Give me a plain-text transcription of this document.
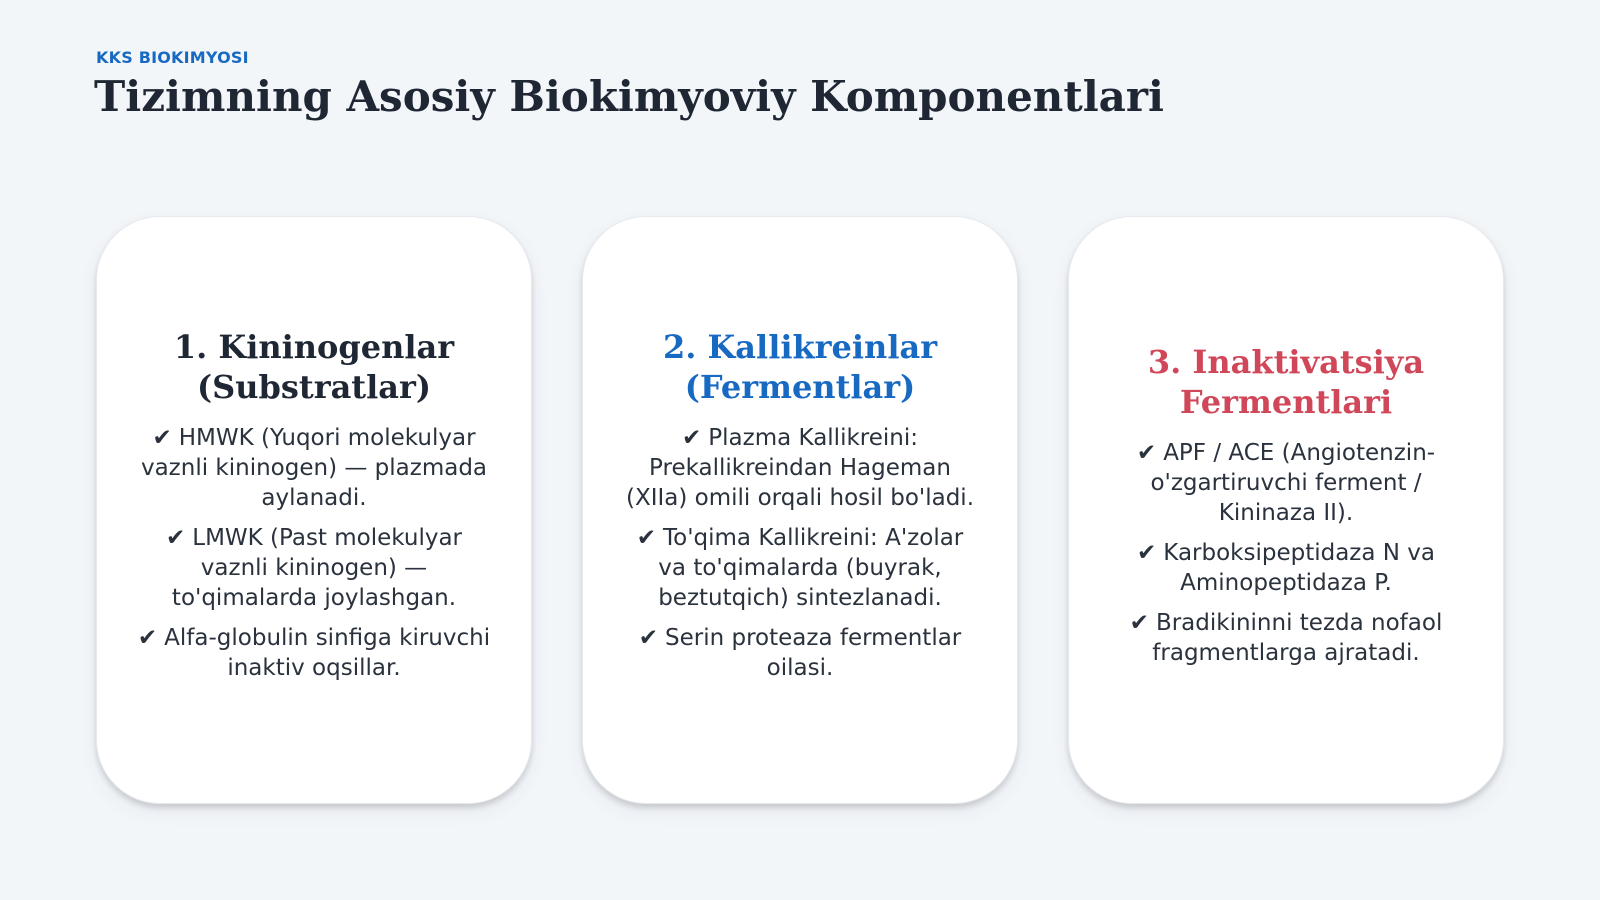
KKS BIOKIMYOSI
Tizimning Asosiy Biokimyoviy Komponentlari
1. Kininogenlar (Substratlar)
✔ HMWK (Yuqori molekulyar vaznli kininogen) — plazmada aylanadi.
✔ LMWK (Past molekulyar vaznli kininogen) — to'qimalarda joylashgan.
✔ Alfa-globulin sinfiga kiruvchi inaktiv oqsillar.
2. Kallikreinlar (Fermentlar)
✔ Plazma Kallikreini: Prekallikreindan Hageman (XIIa) omili orqali hosil bo'ladi.
✔ To'qima Kallikreini: A'zolar va to'qimalarda (buyrak, beztutqich) sintezlanadi.
✔ Serin proteaza fermentlar oilasi.
3. Inaktivatsiya Fermentlari
✔ APF / ACE (Angiotenzin-o'zgartiruvchi ferment / Kininaza II).
✔ Karboksipeptidaza N va Aminopeptidaza P.
✔ Bradikininni tezda nofaol fragmentlarga ajratadi.
